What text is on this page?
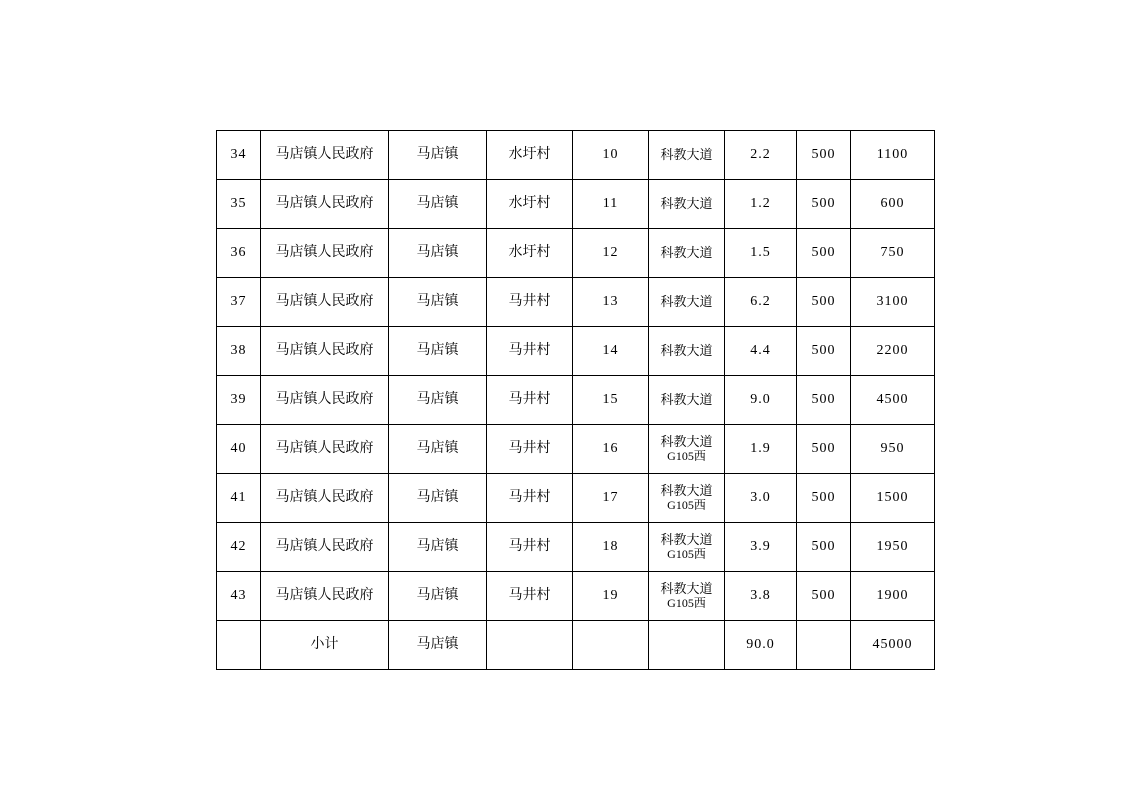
34	马店镇人民政府	马店镇	水圩村	10	科教大道	2.2	500	1100

35	马店镇人民政府	马店镇	水圩村	11	科教大道	1.2	500	600

36	马店镇人民政府	马店镇	水圩村	12	科教大道	1.5	500	750

37	马店镇人民政府	马店镇	马井村	13	科教大道	6.2	500	3100

38	马店镇人民政府	马店镇	马井村	14	科教大道	4.4	500	2200

39	马店镇人民政府	马店镇	马井村	15	科教大道	9.0	500	4500

40	马店镇人民政府	马店镇	马井村	16	科教大道
G105西	1.9	500	950

41	马店镇人民政府	马店镇	马井村	17	科教大道
G105西	3.0	500	1500

42	马店镇人民政府	马店镇	马井村	18	科教大道
G105西	3.9	500	1950

43	马店镇人民政府	马店镇	马井村	19	科教大道
G105西	3.8	500	1900

	小计	马店镇				90.0		45000
